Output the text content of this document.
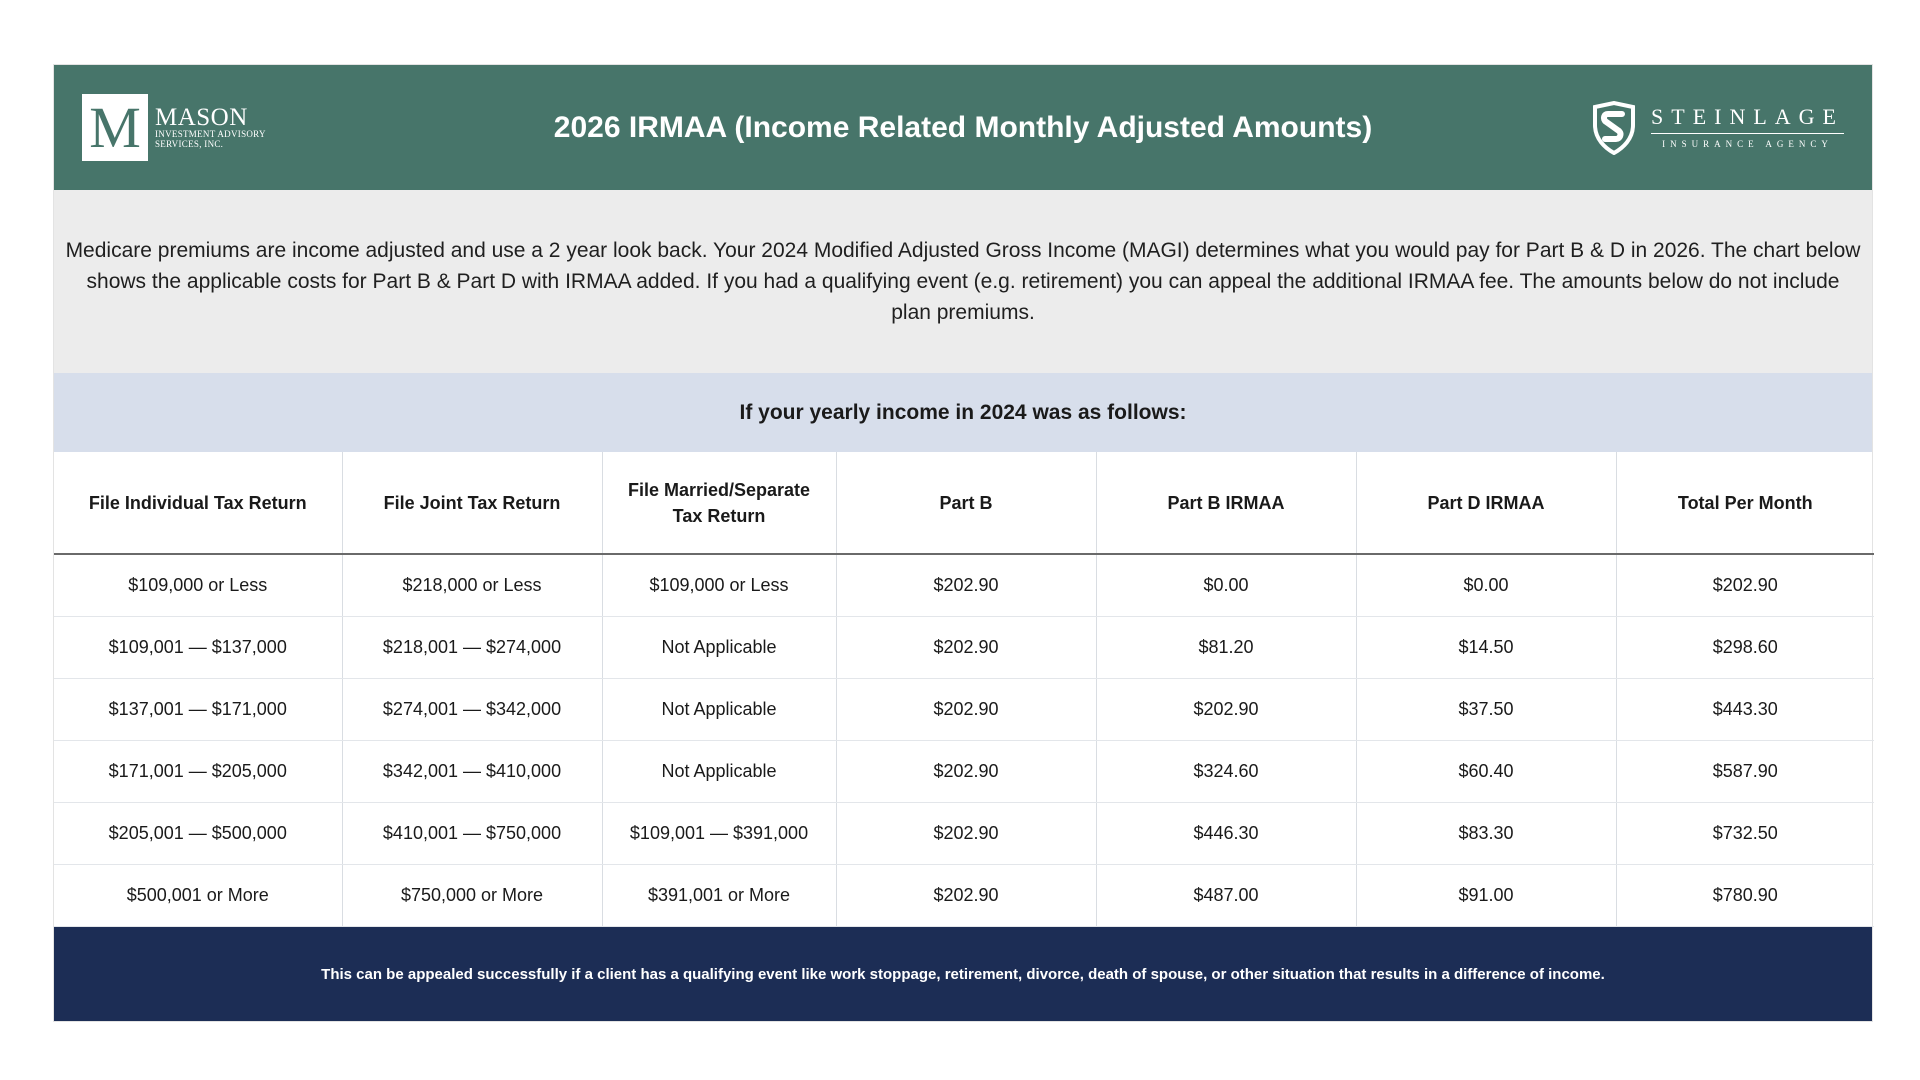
M MASON
INVESTMENT ADVISORY
SERVICES, INC.	2026 IRMAA (Income Related Monthly Adjusted Amounts)	STEINLAGE
INSURANCE AGENCY

Medicare premiums are income adjusted and use a 2 year look back. Your 2024 Modified Adjusted Gross Income (MAGI) determines what you would pay for Part B & D in 2026. The chart below shows the applicable costs for Part B & Part D with IRMAA added. If you had a qualifying event (e.g. retirement) you can appeal the additional IRMAA fee. The amounts below do not include plan premiums.

If your yearly income in 2024 was as follows:
File Individual Tax Return	File Joint Tax Return	File Married/Separate Tax Return	Part B	Part B IRMAA	Part D IRMAA	Total Per Month
$109,000 or Less	$218,000 or Less	$109,000 or Less	$202.90	$0.00	$0.00	$202.90
$109,001 — $137,000	$218,001 — $274,000	Not Applicable	$202.90	$81.20	$14.50	$298.60
$137,001 — $171,000	$274,001 — $342,000	Not Applicable	$202.90	$202.90	$37.50	$443.30
$171,001 — $205,000	$342,001 — $410,000	Not Applicable	$202.90	$324.60	$60.40	$587.90
$205,001 — $500,000	$410,001 — $750,000	$109,001 — $391,000	$202.90	$446.30	$83.30	$732.50
$500,001 or More	$750,000 or More	$391,001 or More	$202.90	$487.00	$91.00	$780.90
This can be appealed successfully if a client has a qualifying event like work stoppage, retirement, divorce, death of spouse, or other situation that results in a difference of income.
